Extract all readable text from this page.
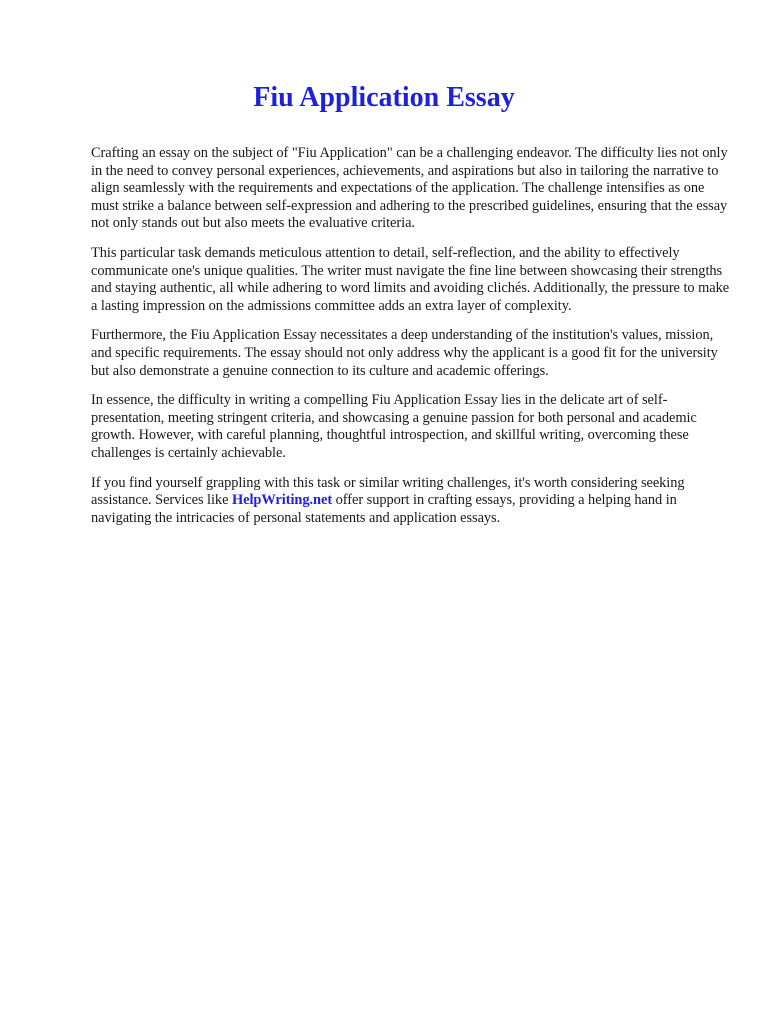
Fiu Application Essay

Crafting an essay on the subject of "Fiu Application" can be a challenging endeavor. The difficulty lies not only in the need to convey personal experiences, achievements, and aspirations but also in tailoring the narrative to align seamlessly with the requirements and expectations of the application. The challenge intensifies as one must strike a balance between self-expression and adhering to the prescribed guidelines, ensuring that the essay not only stands out but also meets the evaluative criteria.

This particular task demands meticulous attention to detail, self-reflection, and the ability to effectively communicate one's unique qualities. The writer must navigate the fine line between showcasing their strengths and staying authentic, all while adhering to word limits and avoiding clichés. Additionally, the pressure to make a lasting impression on the admissions committee adds an extra layer of complexity.

Furthermore, the Fiu Application Essay necessitates a deep understanding of the institution's values, mission, and specific requirements. The essay should not only address why the applicant is a good fit for the university but also demonstrate a genuine connection to its culture and academic offerings.

In essence, the difficulty in writing a compelling Fiu Application Essay lies in the delicate art of self-presentation, meeting stringent criteria, and showcasing a genuine passion for both personal and academic growth. However, with careful planning, thoughtful introspection, and skillful writing, overcoming these challenges is certainly achievable.

If you find yourself grappling with this task or similar writing challenges, it's worth considering seeking assistance. Services like HelpWriting.net offer support in crafting essays, providing a helping hand in navigating the intricacies of personal statements and application essays.
